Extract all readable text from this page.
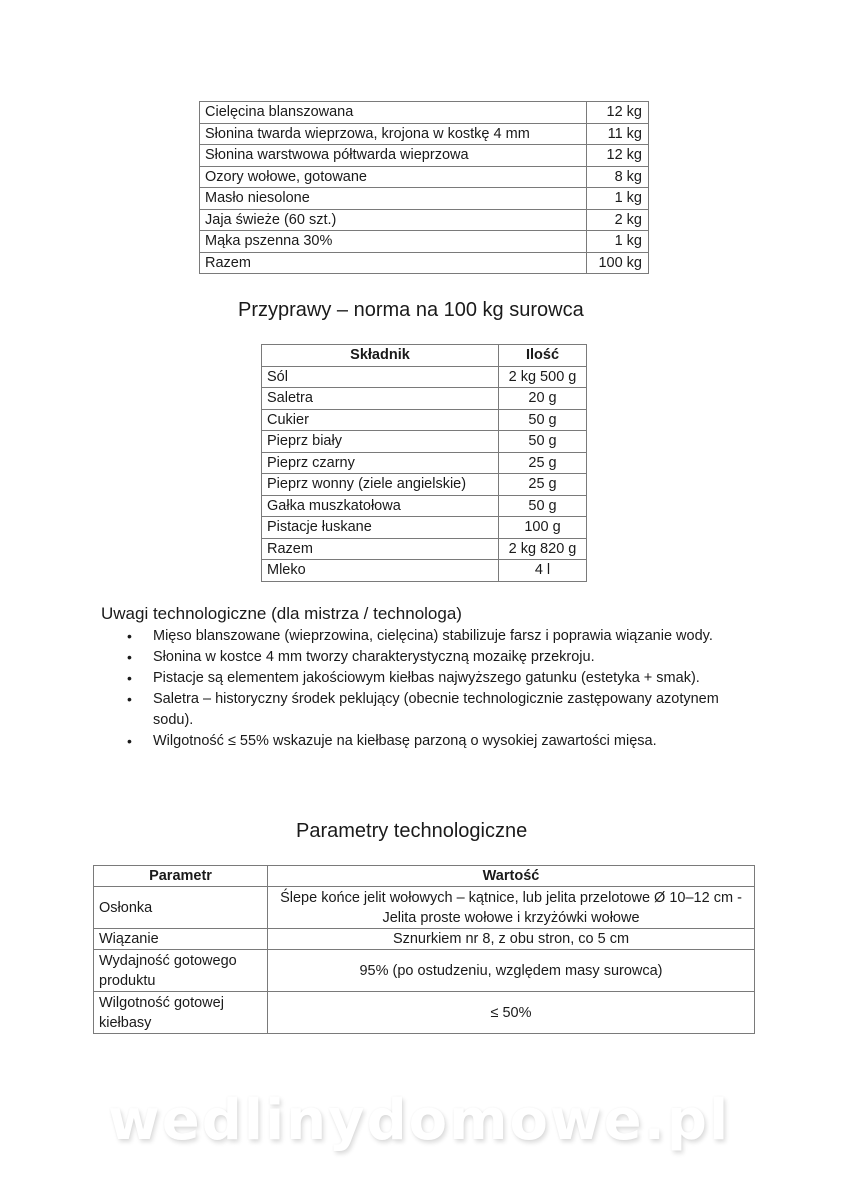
Cielęcina blanszowana	12 kg
Słonina twarda wieprzowa, krojona w kostkę 4 mm	11 kg
Słonina warstwowa półtwarda wieprzowa	12 kg
Ozory wołowe, gotowane	8 kg
Masło niesolone	1 kg
Jaja świeże (60 szt.)	2 kg
Mąka pszenna 30%	1 kg
Razem	100 kg
Przyprawy – norma na 100 kg surowca
Składnik	Ilość
Sól	2 kg 500 g
Saletra	20 g
Cukier	50 g
Pieprz biały	50 g
Pieprz czarny	25 g
Pieprz wonny (ziele angielskie)	25 g
Gałka muszkatołowa	50 g
Pistacje łuskane	100 g
Razem	2 kg 820 g
Mleko	4 l
Uwagi technologiczne (dla mistrza / technologa)
• Mięso blanszowane (wieprzowina, cielęcina) stabilizuje farsz i poprawia wiązanie wody.
• Słonina w kostce 4 mm tworzy charakterystyczną mozaikę przekroju.
• Pistacje są elementem jakościowym kiełbas najwyższego gatunku (estetyka + smak).
• Saletra – historyczny środek peklujący (obecnie technologicznie zastępowany azotynem sodu).
• Wilgotność ≤ 55% wskazuje na kiełbasę parzoną o wysokiej zawartości mięsa.
Parametry technologiczne
Parametr	Wartość
Osłonka	Ślepe końce jelit wołowych – kątnice, lub jelita przelotowe Ø 10–12 cm - Jelita proste wołowe i krzyżówki wołowe
Wiązanie	Sznurkiem nr 8, z obu stron, co 5 cm
Wydajność gotowego produktu	95% (po ostudzeniu, względem masy surowca)
Wilgotność gotowej kiełbasy	≤ 50%
wedlinydomowe.pl
